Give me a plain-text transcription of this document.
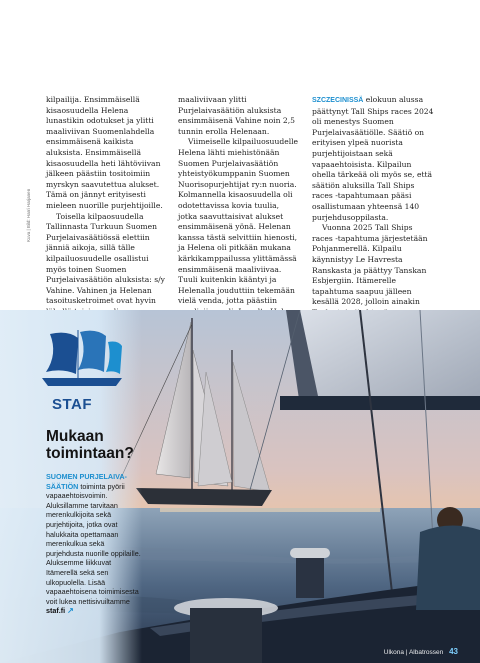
Kuva | Bild: Harri Harjanen

kilpailija. Ensimmäisellä kisaosuudella Helena lunastikin odotukset ja ylitti maaliviivan Suomenlahdella ensimmäisenä kaikista aluksista. Ensimmäisellä kisaosuudella heti lähtöviivan jälkeen päästiin tositoimiin myrskyn saavutettua alukset. Tämä on jännyt erityisesti mieleen nuorille purjehtijoille.

Toisella kilpaosuudella Tallinnasta Turkuun Suomen Purjelaivasäätiössä elettiin jänniä aikoja, sillä tälle kilpailuosuudelle osallistui myös toinen Suomen Purjelaivasäätiön aluksista: s/y Vahine. Vahinen ja Helenan tasoitusketroimet ovat hyvin

maaliviivaan ylitti Purjelaivasäätiön aluksista ensimmäisenä Vahine noin 2,5 tunnin erolla Helenaan.

Viimeiselle kilpailuosuudelle Helena lähti miehistönään Suomen Purjelaivasäätiön yhteistyökumppanin Suomen Nuorisopurjehtijat ry:n nuoria. Kolmannella kisaosuudella oli odotettavissa kovia tuulia, jotka saavuttaisivat alukset ensimmäisenä yönä. Helenan kanssa tästä selvittiin hienosti, ja Helena oli pitkään mukana kärkikamppailussa ylittämässä ensimmäisenä maaliviivaa. Tuuli kuitenkin kääntyi ja Helenalla jouduttiin tekemään vielä venda, jotta päästiin

SZCZECINISSÄ elokuun alussa päättynyt Tall Ships races 2024 oli menestys Suomen Purjelaivasäätiölle. Säätiö on erityisen ylpeä nuorista purjehtijoistaan sekä vapaaehtoisista. Kilpailun ohella tärkeää oli myös se, että säätiön aluksilla Tall Ships races -tapahtumaan pääsi osallistumaan yhteensä 140 purjehdusoppilasta.

Vuonna 2025 Tall Ships races -tapahtuma järjestetään Pohjanmerellä. Kilpailu käynnistyy Le Havresta Ranskasta ja päättyy Tanskan Esbjergiin. Itämerelle tapahtuma saapuu jälleen kesällä 2028, jolloin ainakin

STAF
Mukaan toimintaan?
SUOMEN PURJELAIVASÄÄTIÖN toiminta pyörii vapaaehtoisvoimin. Aluksillamme tarvitaan merenkulkijoita sekä purjehtijoita, jotka ovat halukkaita opettamaan merenkulkua sekä purjehdusta nuorille oppilaille. Aluksemme liikkuvat Itämerellä sekä sen ulkopuolella. Lisää vapaaehtoisena toimimisesta voit lukea nettisivuiltamme staf.fi ↗
Ulkona | Albatrossen 43
